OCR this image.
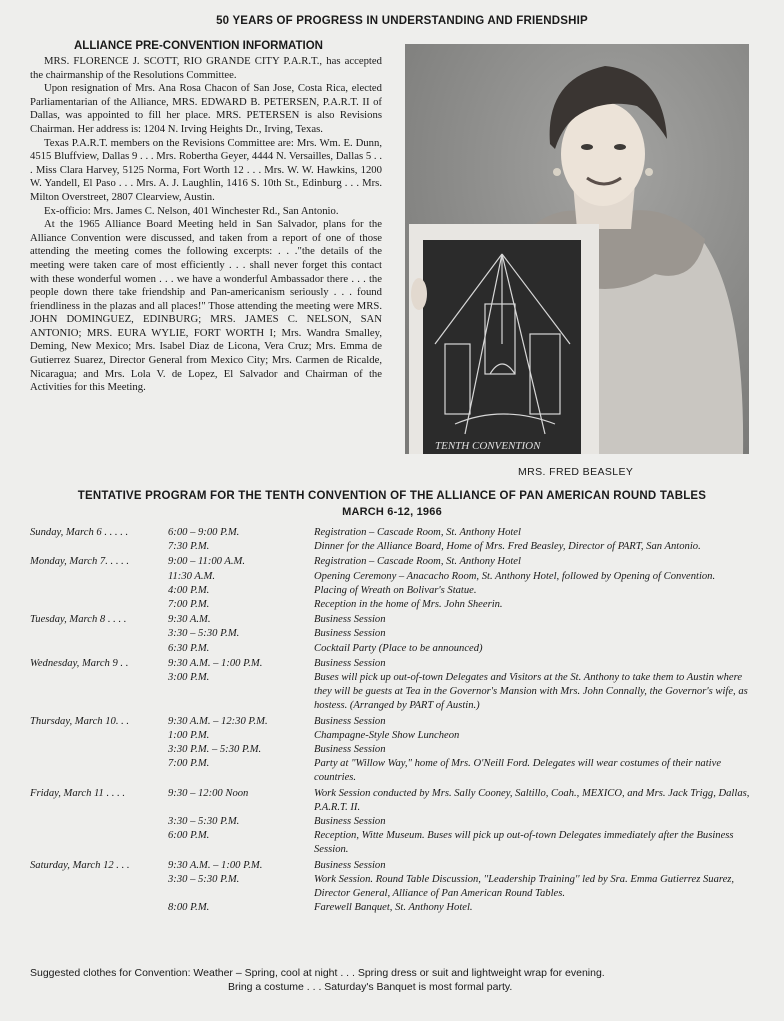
50 YEARS OF PROGRESS IN UNDERSTANDING AND FRIENDSHIP
ALLIANCE PRE-CONVENTION INFORMATION

MRS. FLORENCE J. SCOTT, RIO GRANDE CITY P.A.R.T., has accepted the chairmanship of the Resolutions Committee.

Upon resignation of Mrs. Ana Rosa Chacon of San Jose, Costa Rica, elected Parliamentarian of the Alliance, MRS. EDWARD B. PETERSEN, P.A.R.T. II of Dallas, was appointed to fill her place. MRS. PETERSEN is also Revisions Chairman. Her address is: 1204 N. Irving Heights Dr., Irving, Texas.

Texas P.A.R.T. members on the Revisions Committee are: Mrs. Wm. E. Dunn, 4515 Bluffview, Dallas 9 . . . Mrs. Robertha Geyer, 4444 N. Versailles, Dallas 5 . . . Miss Clara Harvey, 5125 Norma, Fort Worth 12 . . . Mrs. W. W. Hawkins, 1200 W. Yandell, El Paso . . . Mrs. A. J. Laughlin, 1416 S. 10th St., Edinburg . . . Mrs. Milton Overstreet, 2807 Clearview, Austin.

Ex-officio: Mrs. James C. Nelson, 401 Winchester Rd., San Antonio.

At the 1965 Alliance Board Meeting held in San Salvador, plans for the Alliance Convention were discussed, and taken from a report of one of those attending the meeting comes the following excerpts: . . ."the details of the meeting were taken care of most efficiently . . . shall never forget this contact with these wonderful women . . . we have a wonderful Ambassador there . . . the people down there take friendship and Pan-americanism seriously . . . found friendliness in the plazas and all places!" Those attending the meeting were MRS. JOHN DOMINGUEZ, EDINBURG; MRS. JAMES C. NELSON, SAN ANTONIO; MRS. EURA WYLIE, FORT WORTH I; Mrs. Wandra Smalley, Deming, New Mexico; Mrs. Isabel Diaz de Licona, Vera Cruz; Mrs. Emma de Gutierrez Suarez, Director General from Mexico City; Mrs. Carmen de Ricalde, Nicaragua; and Mrs. Lola V. de Lopez, El Salvador and Chairman of the Activities for this Meeting.

TENTH CONVENTION
MRS. FRED BEASLEY
TENTATIVE PROGRAM FOR THE TENTH CONVENTION OF THE ALLIANCE OF PAN AMERICAN ROUND TABLES
MARCH 6-12, 1966
Sunday, March 6 . . . . .	6:00 – 9:00 P.M.	Registration – Cascade Room, St. Anthony Hotel
7:30 P.M.	Dinner for the Alliance Board, Home of Mrs. Fred Beasley, Director of PART, San Antonio.
Monday, March 7. . . . .	9:00 – 11:00 A.M.	Registration – Cascade Room, St. Anthony Hotel
11:30 A.M.	Opening Ceremony – Anacacho Room, St. Anthony Hotel, followed by Opening of Convention.
4:00 P.M.	Placing of Wreath on Bolivar's Statue.
7:00 P.M.	Reception in the home of Mrs. John Sheerin.
Tuesday, March 8 . . . .	9:30 A.M.	Business Session
3:30 – 5:30 P.M.	Business Session
6:30 P.M.	Cocktail Party (Place to be announced)
Wednesday, March 9 . .	9:30 A.M. – 1:00 P.M.	Business Session
3:00 P.M.	Buses will pick up out-of-town Delegates and Visitors at the St. Anthony to take them to Austin where they will be guests at Tea in the Governor's Mansion with Mrs. John Connally, the Governor's wife, as hostess. (Arranged by PART of Austin.)
Thursday, March 10. . .	9:30 A.M. – 12:30 P.M.	Business Session
1:00 P.M.	Champagne-Style Show Luncheon
3:30 P.M. – 5:30 P.M.	Business Session
7:00 P.M.	Party at "Willow Way," home of Mrs. O'Neill Ford. Delegates will wear costumes of their native countries.
Friday, March 11 . . . .	9:30 – 12:00 Noon	Work Session conducted by Mrs. Sally Cooney, Saltillo, Coah., MEXICO, and Mrs. Jack Trigg, Dallas, P.A.R.T. II.
3:30 – 5:30 P.M.	Business Session
6:00 P.M.	Reception, Witte Museum. Buses will pick up out-of-town Delegates immediately after the Business Session.
Saturday, March 12 . . .	9:30 A.M. – 1:00 P.M.	Business Session
3:30 – 5:30 P.M.	Work Session. Round Table Discussion, ''Leadership Training'' led by Sra. Emma Gutierrez Suarez, Director General, Alliance of Pan American Round Tables.
8:00 P.M.	Farewell Banquet, St. Anthony Hotel.
Suggested clothes for Convention: Weather – Spring, cool at night . . . Spring dress or suit and lightweight wrap for evening.
Bring a costume . . . Saturday's Banquet is most formal party.
